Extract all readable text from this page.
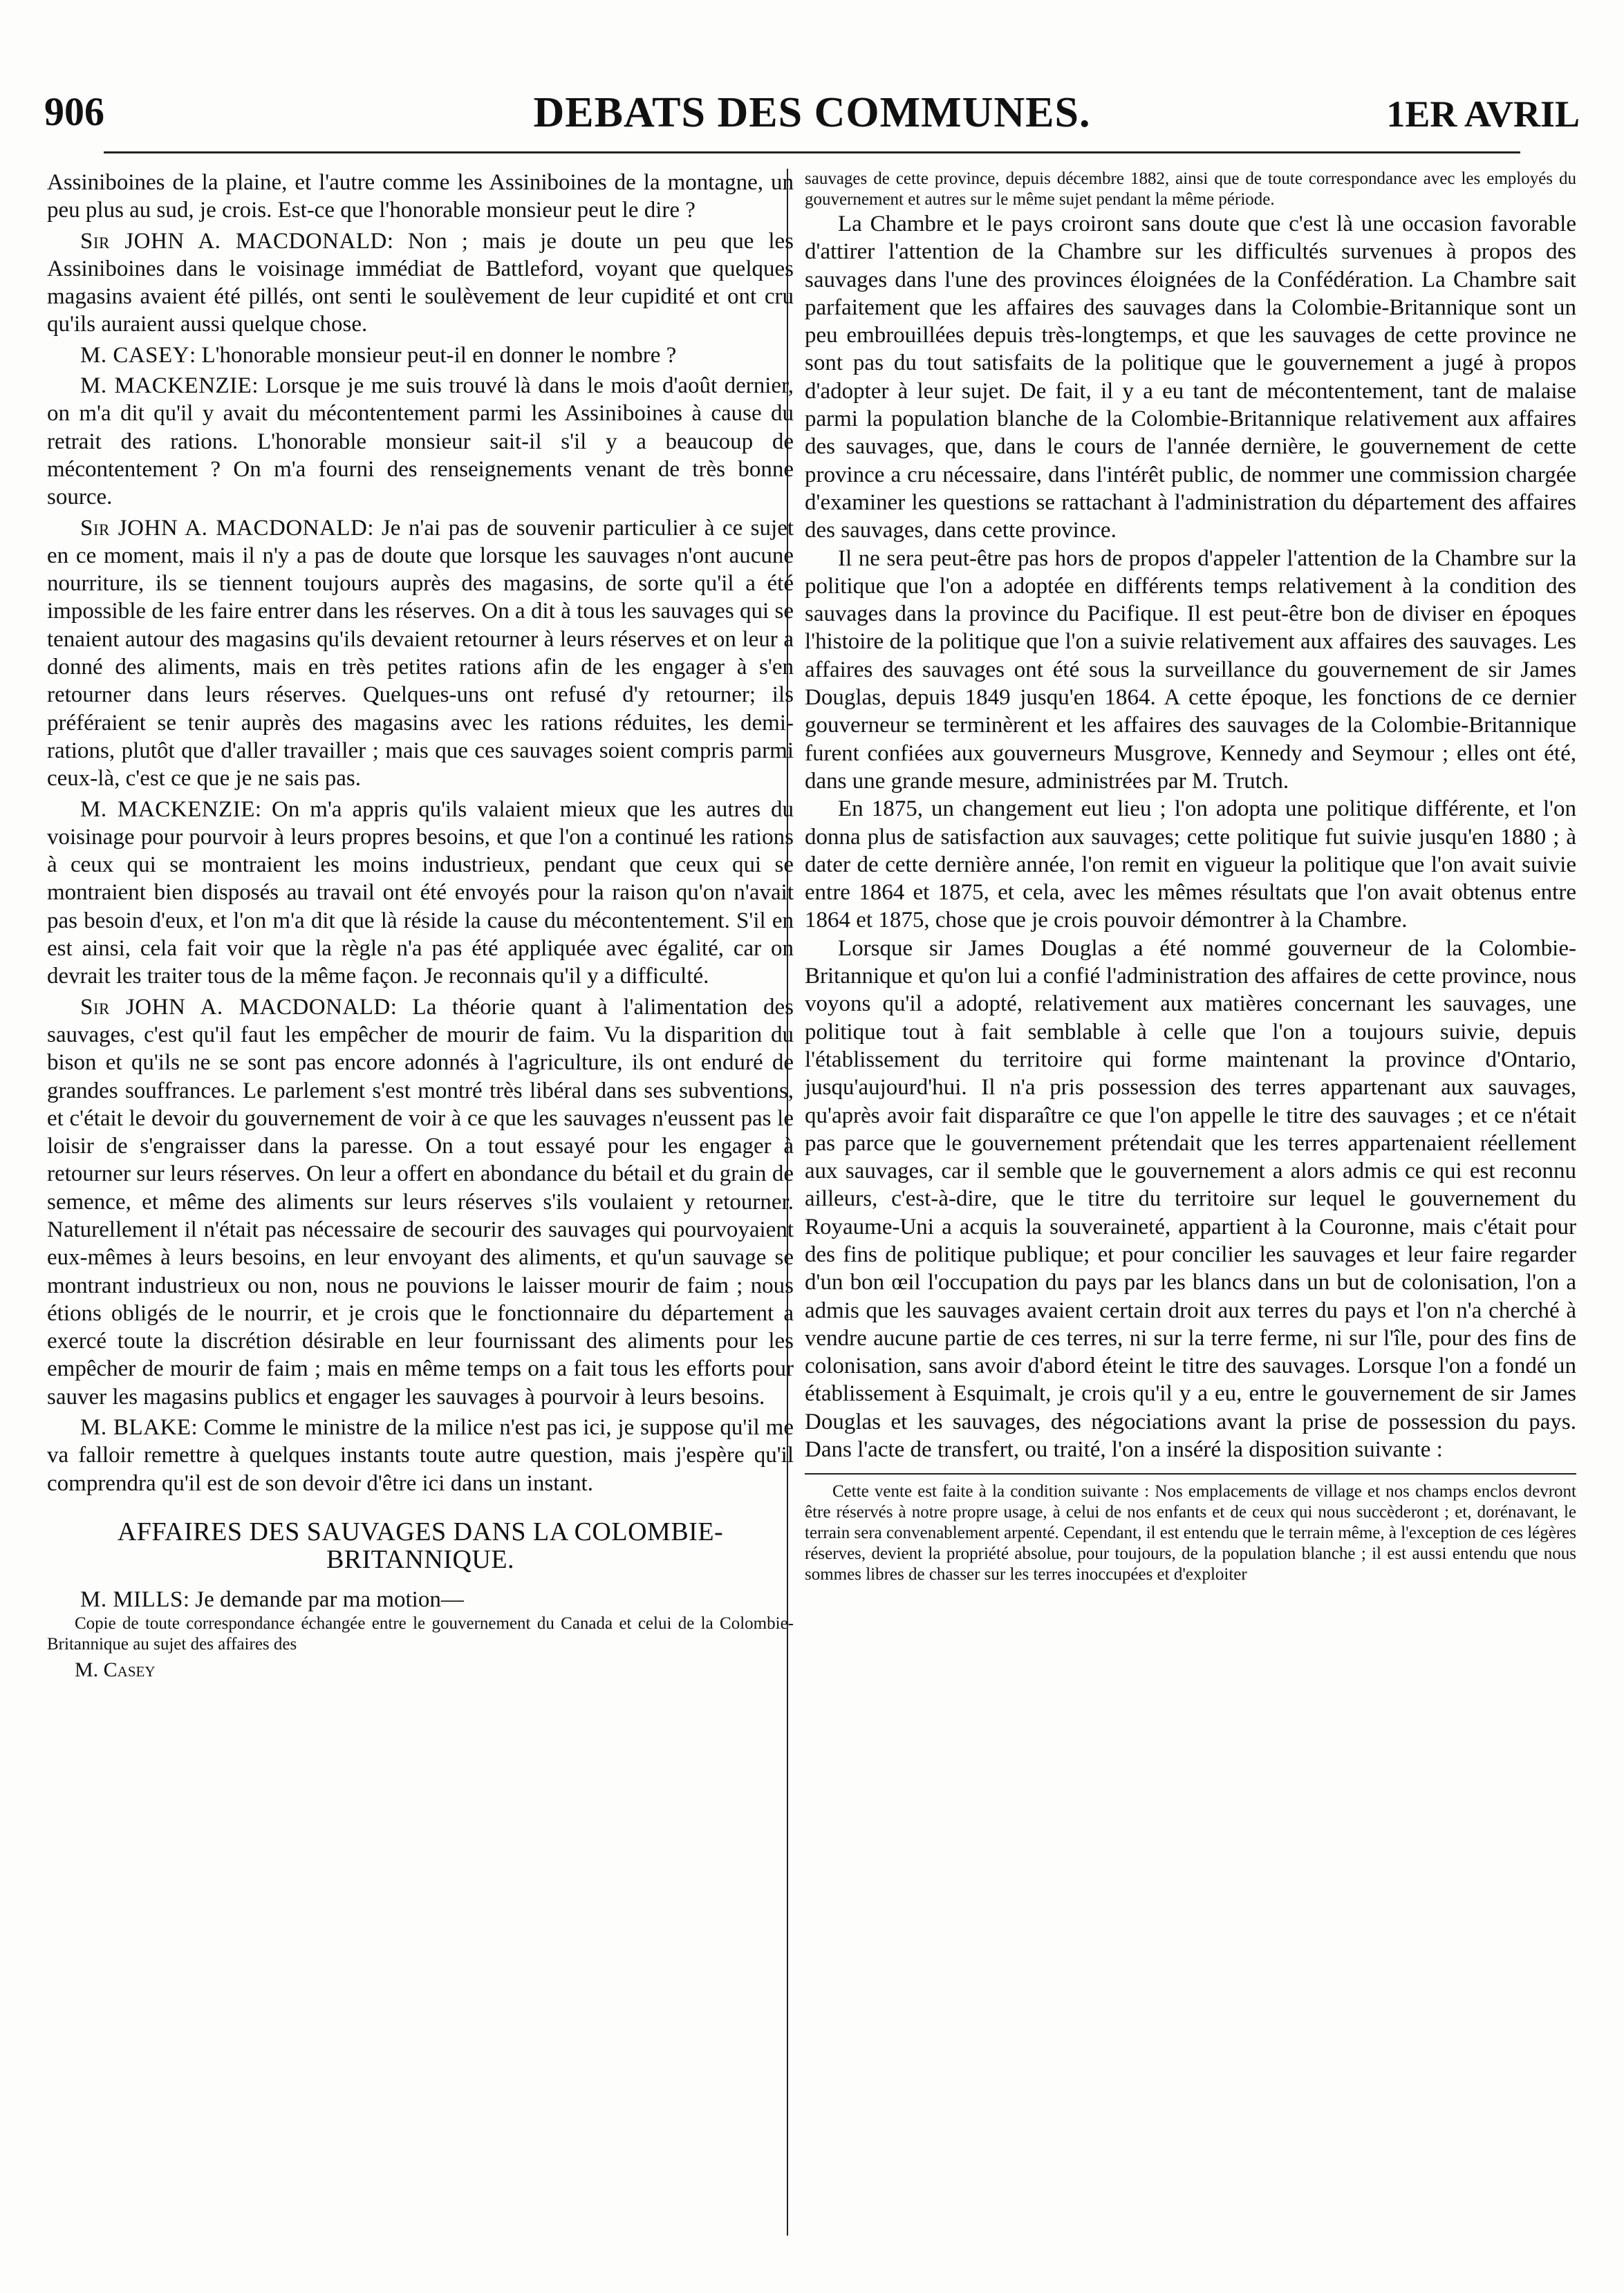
906	DEBATS DES COMMUNES.	1ER AVRIL

Assiniboines de la plaine, et l'autre comme les Assiniboines de la montagne, un peu plus au sud, je crois. Est-ce que l'honorable monsieur peut le dire ?

Sir JOHN A. MACDONALD: Non ; mais je doute un peu que les Assiniboines dans le voisinage immédiat de Battleford, voyant que quelques magasins avaient été pillés, ont senti le soulèvement de leur cupidité et ont cru qu'ils auraient aussi quelque chose.

M. CASEY: L'honorable monsieur peut-il en donner le nombre ?

M. MACKENZIE: Lorsque je me suis trouvé là dans le mois d'août dernier, on m'a dit qu'il y avait du mécontentement parmi les Assiniboines à cause du retrait des rations. L'honorable monsieur sait-il s'il y a beaucoup de mécontentement ? On m'a fourni des renseignements venant de très bonne source.

Sir JOHN A. MACDONALD: Je n'ai pas de souvenir particulier à ce sujet en ce moment, mais il n'y a pas de doute que lorsque les sauvages n'ont aucune nourriture, ils se tiennent toujours auprès des magasins, de sorte qu'il a été impossible de les faire entrer dans les réserves. On a dit à tous les sauvages qui se tenaient autour des magasins qu'ils devaient retourner à leurs réserves et on leur a donné des aliments, mais en très petites rations afin de les engager à s'en retourner dans leurs réserves. Quelques-uns ont refusé d'y retourner; ils préféraient se tenir auprès des magasins avec les rations réduites, les demi-rations, plutôt que d'aller travailler ; mais que ces sauvages soient compris parmi ceux-là, c'est ce que je ne sais pas.

M. MACKENZIE: On m'a appris qu'ils valaient mieux que les autres du voisinage pour pourvoir à leurs propres besoins, et que l'on a continué les rations à ceux qui se montraient les moins industrieux, pendant que ceux qui se montraient bien disposés au travail ont été envoyés pour la raison qu'on n'avait pas besoin d'eux, et l'on m'a dit que là réside la cause du mécontentement. S'il en est ainsi, cela fait voir que la règle n'a pas été appliquée avec égalité, car on devrait les traiter tous de la même façon. Je reconnais qu'il y a difficulté.

Sir JOHN A. MACDONALD: La théorie quant à l'alimentation des sauvages, c'est qu'il faut les empêcher de mourir de faim. Vu la disparition du bison et qu'ils ne se sont pas encore adonnés à l'agriculture, ils ont enduré de grandes souffrances. Le parlement s'est montré très libéral dans ses subventions, et c'était le devoir du gouvernement de voir à ce que les sauvages n'eussent pas le loisir de s'engraisser dans la paresse. On a tout essayé pour les engager à retourner sur leurs réserves. On leur a offert en abondance du bétail et du grain de semence, et même des aliments sur leurs réserves s'ils voulaient y retourner. Naturellement il n'était pas nécessaire de secourir des sauvages qui pourvoyaient eux-mêmes à leurs besoins, en leur envoyant des aliments, et qu'un sauvage se montrant industrieux ou non, nous ne pouvions le laisser mourir de faim ; nous étions obligés de le nourrir, et je crois que le fonctionnaire du département a exercé toute la discrétion désirable en leur fournissant des aliments pour les empêcher de mourir de faim ; mais en même temps on a fait tous les efforts pour sauver les magasins publics et engager les sauvages à pourvoir à leurs besoins.

M. BLAKE: Comme le ministre de la milice n'est pas ici, je suppose qu'il me va falloir remettre à quelques instants toute autre question, mais j'espère qu'il comprendra qu'il est de son devoir d'être ici dans un instant.

AFFAIRES DES SAUVAGES DANS LA COLOMBIE-BRITANNIQUE.

M. MILLS: Je demande par ma motion—

Copie de toute correspondance échangée entre le gouvernement du Canada et celui de la Colombie-Britannique au sujet des affaires des

M. Casey

sauvages de cette province, depuis décembre 1882, ainsi que de toute correspondance avec les employés du gouvernement et autres sur le même sujet pendant la même période.

La Chambre et le pays croiront sans doute que c'est là une occasion favorable d'attirer l'attention de la Chambre sur les difficultés survenues à propos des sauvages dans l'une des provinces éloignées de la Confédération. La Chambre sait parfaitement que les affaires des sauvages dans la Colombie-Britannique sont un peu embrouillées depuis très-longtemps, et que les sauvages de cette province ne sont pas du tout satisfaits de la politique que le gouvernement a jugé à propos d'adopter à leur sujet. De fait, il y a eu tant de mécontentement, tant de malaise parmi la population blanche de la Colombie-Britannique relativement aux affaires des sauvages, que, dans le cours de l'année dernière, le gouvernement de cette province a cru nécessaire, dans l'intérêt public, de nommer une commission chargée d'examiner les questions se rattachant à l'administration du département des affaires des sauvages, dans cette province.

Il ne sera peut-être pas hors de propos d'appeler l'attention de la Chambre sur la politique que l'on a adoptée en différents temps relativement à la condition des sauvages dans la province du Pacifique. Il est peut-être bon de diviser en époques l'histoire de la politique que l'on a suivie relativement aux affaires des sauvages. Les affaires des sauvages ont été sous la surveillance du gouvernement de sir James Douglas, depuis 1849 jusqu'en 1864. A cette époque, les fonctions de ce dernier gouverneur se terminèrent et les affaires des sauvages de la Colombie-Britannique furent confiées aux gouverneurs Musgrove, Kennedy and Seymour ; elles ont été, dans une grande mesure, administrées par M. Trutch.

En 1875, un changement eut lieu ; l'on adopta une politique différente, et l'on donna plus de satisfaction aux sauvages; cette politique fut suivie jusqu'en 1880 ; à dater de cette dernière année, l'on remit en vigueur la politique que l'on avait suivie entre 1864 et 1875, et cela, avec les mêmes résultats que l'on avait obtenus entre 1864 et 1875, chose que je crois pouvoir démontrer à la Chambre.

Lorsque sir James Douglas a été nommé gouverneur de la Colombie-Britannique et qu'on lui a confié l'administration des affaires de cette province, nous voyons qu'il a adopté, relativement aux matières concernant les sauvages, une politique tout à fait semblable à celle que l'on a toujours suivie, depuis l'établissement du territoire qui forme maintenant la province d'Ontario, jusqu'aujourd'hui. Il n'a pris possession des terres appartenant aux sauvages, qu'après avoir fait disparaître ce que l'on appelle le titre des sauvages ; et ce n'était pas parce que le gouvernement prétendait que les terres appartenaient réellement aux sauvages, car il semble que le gouvernement a alors admis ce qui est reconnu ailleurs, c'est-à-dire, que le titre du territoire sur lequel le gouvernement du Royaume-Uni a acquis la souveraineté, appartient à la Couronne, mais c'était pour des fins de politique publique; et pour concilier les sauvages et leur faire regarder d'un bon œil l'occupation du pays par les blancs dans un but de colonisation, l'on a admis que les sauvages avaient certain droit aux terres du pays et l'on n'a cherché à vendre aucune partie de ces terres, ni sur la terre ferme, ni sur l'île, pour des fins de colonisation, sans avoir d'abord éteint le titre des sauvages. Lorsque l'on a fondé un établissement à Esquimalt, je crois qu'il y a eu, entre le gouvernement de sir James Douglas et les sauvages, des négociations avant la prise de possession du pays. Dans l'acte de transfert, ou traité, l'on a inséré la disposition suivante :

Cette vente est faite à la condition suivante : Nos emplacements de village et nos champs enclos devront être réservés à notre propre usage, à celui de nos enfants et de ceux qui nous succèderont ; et, dorénavant, le terrain sera convenablement arpenté. Cependant, il est entendu que le terrain même, à l'exception de ces légères réserves, devient la propriété absolue, pour toujours, de la population blanche ; il est aussi entendu que nous sommes libres de chasser sur les terres inoccupées et d'exploiter
